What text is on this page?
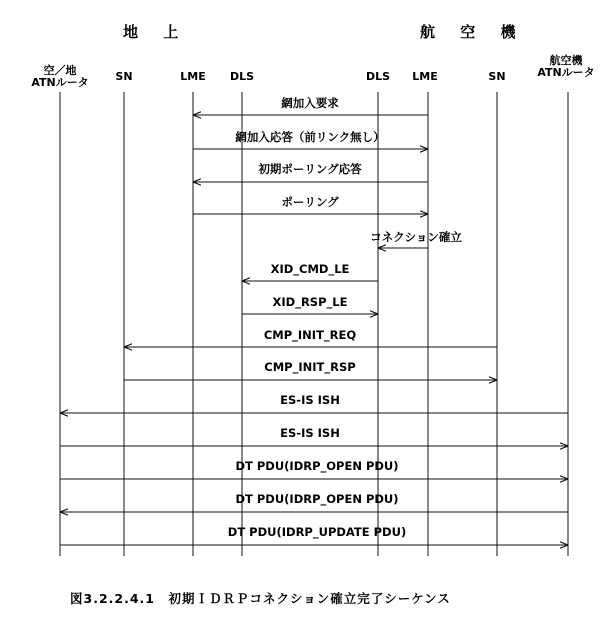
地 上	航 空 機
空／地
ATNルータ SN	LME DLS	DLS LME	SN
航空機
ATNルータ
網加入要求
網加入応答（前リンク無し）
初期ポーリング応答
ポーリング
コネクション確立
XID_CMD_LE
XID_RSP_LE
CMP_INIT_REQ
CMP_INIT_RSP
ES-IS ISH
ES-IS ISH
DT PDU(IDRP_OPEN PDU)
DT PDU(IDRP_OPEN PDU)
DT PDU(IDRP_UPDATE PDU)
図3.2.2.4.1　初期ＩＤＲＰコネクション確立完了シーケンス
